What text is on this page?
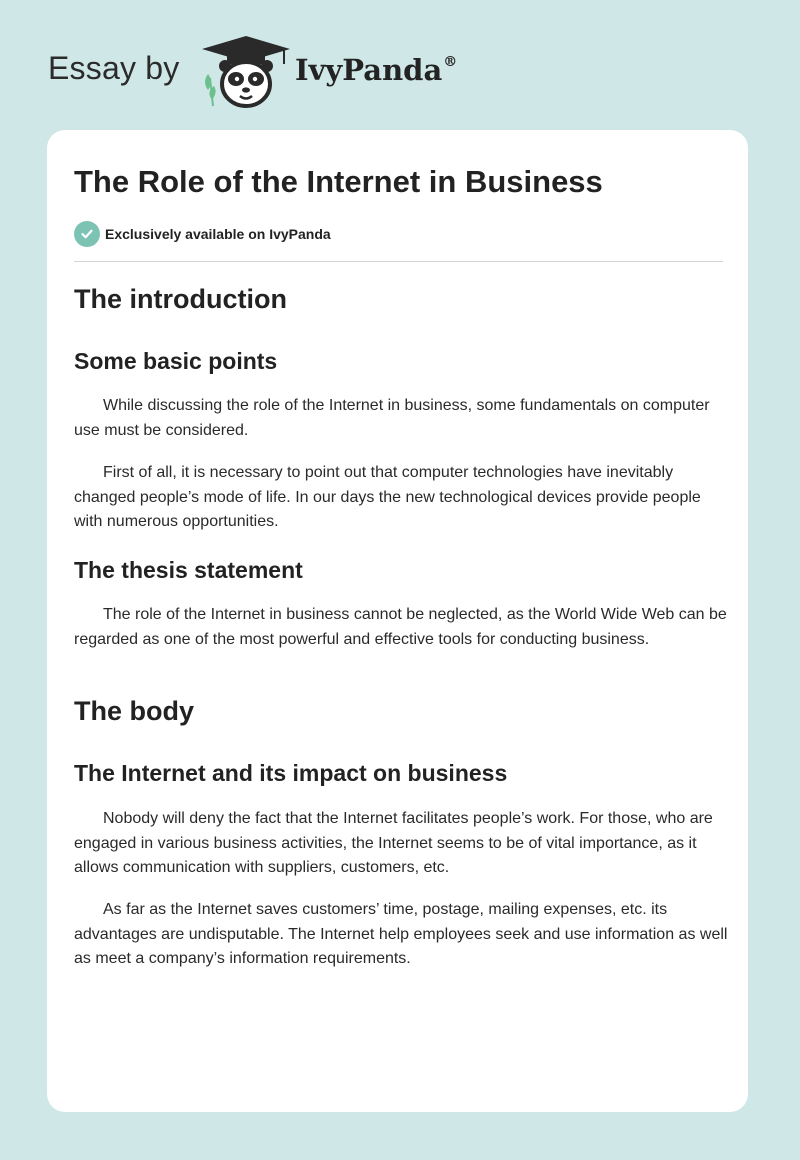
Essay by	IvyPanda®
The Role of the Internet in Business
Exclusively available on IvyPanda
The introduction
Some basic points

While discussing the role of the Internet in business, some fundamentals on computer use must be considered.

First of all, it is necessary to point out that computer technologies have inevitably changed people’s mode of life. In our days the new technological devices provide people with numerous opportunities.

The thesis statement

The role of the Internet in business cannot be neglected, as the World Wide Web can be regarded as one of the most powerful and effective tools for conducting business.

The body
The Internet and its impact on business

Nobody will deny the fact that the Internet facilitates people’s work. For those, who are engaged in various business activities, the Internet seems to be of vital importance, as it allows communication with suppliers, customers, etc.

As far as the Internet saves customers’ time, postage, mailing expenses, etc. its advantages are undisputable. The Internet help employees seek and use information as well as meet a company’s information requirements.
